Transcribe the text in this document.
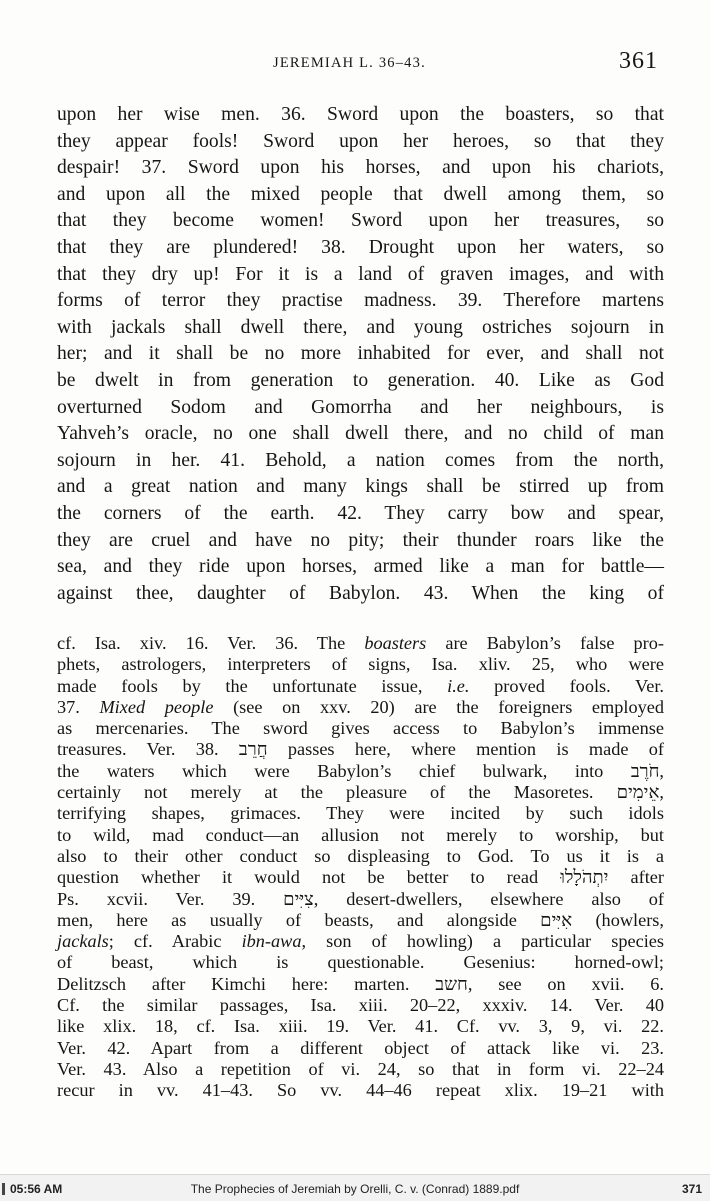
JEREMIAH L. 36–43.	361
upon her wise men. 36. Sword upon the boasters, so that
they appear fools! Sword upon her heroes, so that they
despair! 37. Sword upon his horses, and upon his chariots,
and upon all the mixed people that dwell among them, so
that they become women! Sword upon her treasures, so
that they are plundered! 38. Drought upon her waters, so
that they dry up! For it is a land of graven images, and with
forms of terror they practise madness. 39. Therefore martens
with jackals shall dwell there, and young ostriches sojourn in
her; and it shall be no more inhabited for ever, and shall not
be dwelt in from generation to generation. 40. Like as God
overturned Sodom and Gomorrha and her neighbours, is
Yahveh’s oracle, no one shall dwell there, and no child of man
sojourn in her. 41. Behold, a nation comes from the north,
and a great nation and many kings shall be stirred up from
the corners of the earth. 42. They carry bow and spear,
they are cruel and have no pity; their thunder roars like the
sea, and they ride upon horses, armed like a man for battle—
against thee, daughter of Babylon. 43. When the king of
cf. Isa. xiv. 16. Ver. 36. The boasters are Babylon’s false pro-
phets, astrologers, interpreters of signs, Isa. xliv. 25, who were
made fools by the unfortunate issue, i.e. proved fools. Ver.
37. Mixed people (see on xxv. 20) are the foreigners employed
as mercenaries. The sword gives access to Babylon’s immense
treasures. Ver. 38. חֲרֵב passes here, where mention is made of
the waters which were Babylon’s chief bulwark, into חֹרֶב,
certainly not merely at the pleasure of the Masoretes. אֵימִים,
terrifying shapes, grimaces. They were incited by such idols
to wild, mad conduct—an allusion not merely to worship, but
also to their other conduct so displeasing to God. To us it is a
question whether it would not be better to read יִתְהֹלָלוּ after
Ps. xcvii. Ver. 39. צִיִּים, desert-dwellers, elsewhere also of
men, here as usually of beasts, and alongside אִיִּים (howlers,
jackals; cf. Arabic ibn-awa, son of howling) a particular species
of beast, which is questionable. Gesenius: horned-owl;
Delitzsch after Kimchi here: marten. חשב, see on xvii. 6.
Cf. the similar passages, Isa. xiii. 20–22, xxxiv. 14. Ver. 40
like xlix. 18, cf. Isa. xiii. 19. Ver. 41. Cf. vv. 3, 9, vi. 22.
Ver. 42. Apart from a different object of attack like vi. 23.
Ver. 43. Also a repetition of vi. 24, so that in form vi. 22–24
recur in vv. 41–43. So vv. 44–46 repeat xlix. 19–21 with
05:56 AM	The Prophecies of Jeremiah by Orelli, C. v. (Conrad) 1889.pdf	371
